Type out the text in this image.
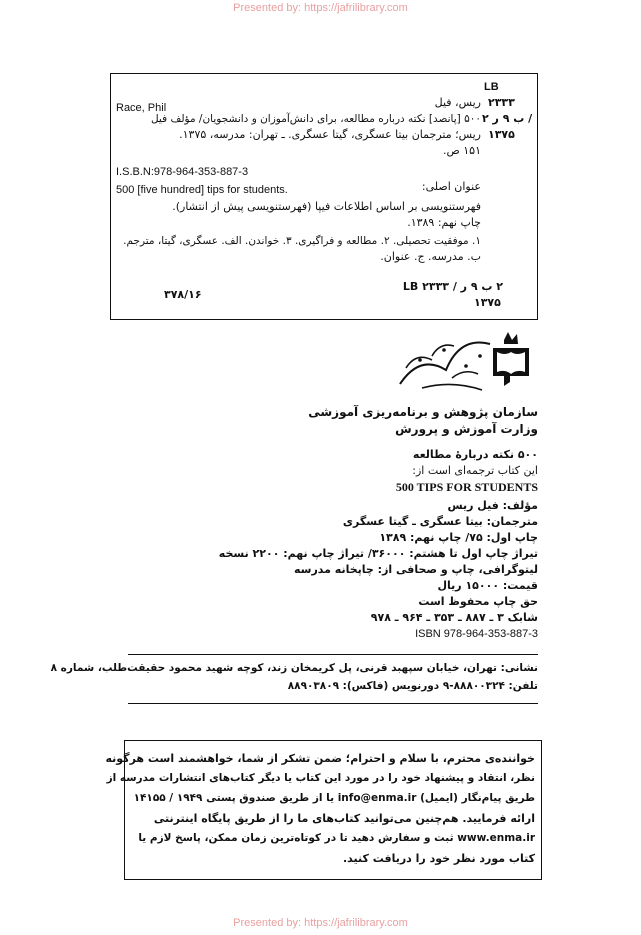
Presented by: https://jafrilibrary.com
LB
۲۳۳۳
۲ ب ۹ ر /
۱۳۷۵
Race, Phil	ریس، فیل
۵۰۰ [پانصد] نکته درباره مطالعه، برای دانش‌آموزان و دانشجویان/ مؤلف فیل
ریس؛ مترجمان بیتا عسگری، گیتا عسگری. ـ تهران: مدرسه، ۱۳۷۵.
۱۵۱ ص.
I.S.B.N:978-964-353-887-3
عنوان اصلی:
500 [five hundred] tips for students.
فهرستنویسی بر اساس اطلاعات فیپا (فهرستنویسی پیش از انتشار).
چاپ نهم: ۱۳۸۹.
۱. موفقیت تحصیلی. ۲. مطالعه و فراگیری. ۳. خواندن. الف. عسگری، گیتا، مترجم.
ب. مدرسه. ج. عنوان.
۲ ب ۹ ر / ۲۳۳۳ LB
۱۳۷۵
۳۷۸/۱۶
سازمان پژوهش و برنامه‌ریزی آموزشی
وزارت آموزش و پرورش
۵۰۰ نکته درباره‌ٔ مطالعه
این کتاب ترجمه‌ای است از:
500 TIPS FOR STUDENTS
مؤلف: فیل ریس
مترجمان: بیتا عسگری ـ گیتا عسگری
چاپ اول: ۷۵/ چاپ نهم: ۱۳۸۹
تیراژ چاپ اول تا هشتم: ۳۶۰۰۰/ تیراژ چاپ نهم: ۲۲۰۰ نسخه
لیتوگرافی، چاپ و صحافی از: چاپخانه مدرسه
قیمت: ۱۵۰۰۰ ریال
حق چاپ محفوظ است
شابک ۳ ـ ۸۸۷ ـ ۳۵۳ ـ ۹۶۴ ـ ۹۷۸
ISBN 978-964-353-887-3
نشانی: تهران، خیابان سپهبد قرنی، پل کریمخان زند، کوچه شهید محمود حقیقت‌طلب، شماره ۸
تلفن: ۸۸۸۰۰۳۲۴-۹ دورنویس (فاکس): ۸۸۹۰۳۸۰۹
خواننده‌ی محترم، با سلام و احترام؛ ضمن تشکر از شما، خواهشمند است هرگونه
نظر، انتقاد و پیشنهاد خود را در مورد این کتاب یا دیگر کتاب‌های انتشارات مدرسه از
طریق پیام‌نگار (ایمیل) info@enma.ir یا از طریق صندوق پستی ۱۹۴۹ / ۱۴۱۵۵
ارائه فرمایید. هم‌چنین می‌توانید کتاب‌های ما را از طریق پایگاه اینترنتی
www.enma.ir ثبت و سفارش دهید تا در کوتاه‌ترین زمان ممکن، پاسخ لازم یا
کتاب مورد نظر خود را دریافت کنید.
Presented by: https://jafrilibrary.com
